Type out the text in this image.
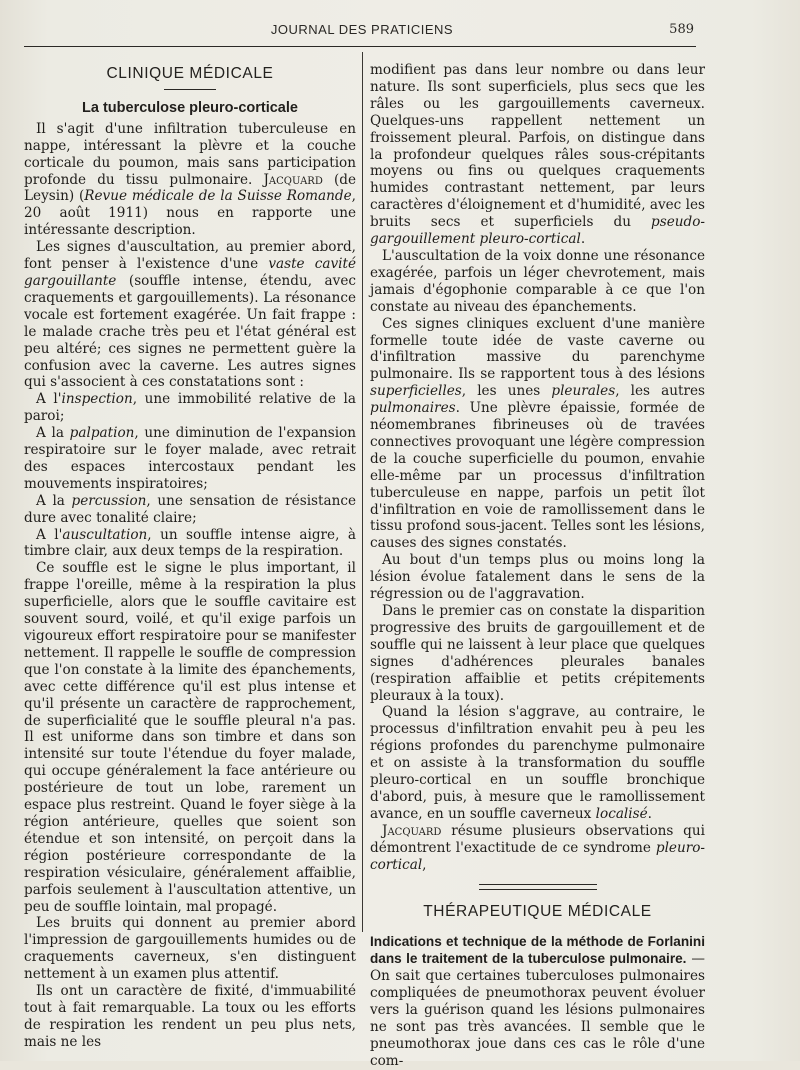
JOURNAL DES PRATICIENS	589
CLINIQUE MÉDICALE
La tuberculose pleuro-corticale

Il s'agit d'une infiltration tuberculeuse en nappe, intéressant la plèvre et la couche corticale du poumon, mais sans participation profonde du tissu pulmonaire. Jacquard (de Leysin) (Revue médicale de la Suisse Romande, 20 août 1911) nous en rapporte une intéressante description.

Les signes d'auscultation, au premier abord, font penser à l'existence d'une vaste cavité gargouillante (souffle intense, étendu, avec craquements et gargouillements). La résonance vocale est fortement exagérée. Un fait frappe : le malade crache très peu et l'état général est peu altéré; ces signes ne permettent guère la confusion avec la caverne. Les autres signes qui s'associent à ces constatations sont :

A l'inspection, une immobilité relative de la paroi;

A la palpation, une diminution de l'expansion respiratoire sur le foyer malade, avec retrait des espaces intercostaux pendant les mouvements inspiratoires;

A la percussion, une sensation de résistance dure avec tonalité claire;

A l'auscultation, un souffle intense aigre, à timbre clair, aux deux temps de la respiration.

Ce souffle est le signe le plus important, il frappe l'oreille, même à la respiration la plus superficielle, alors que le souffle cavitaire est souvent sourd, voilé, et qu'il exige parfois un vigoureux effort respiratoire pour se manifester nettement. Il rappelle le souffle de compression que l'on constate à la limite des épanchements, avec cette différence qu'il est plus intense et qu'il présente un caractère de rapprochement, de superficialité que le souffle pleural n'a pas. Il est uniforme dans son timbre et dans son intensité sur toute l'étendue du foyer malade, qui occupe généralement la face antérieure ou postérieure de tout un lobe, rarement un espace plus restreint. Quand le foyer siège à la région antérieure, quelles que soient son étendue et son intensité, on perçoit dans la région postérieure correspondante de la respiration vésiculaire, généralement affaiblie, parfois seulement à l'auscultation attentive, un peu de souffle lointain, mal propagé.

Les bruits qui donnent au premier abord l'impression de gargouillements humides ou de craquements caverneux, s'en distinguent nettement à un examen plus attentif.

Ils ont un caractère de fixité, d'immuabilité tout à fait remarquable. La toux ou les efforts de respiration les rendent un peu plus nets, mais ne les

modifient pas dans leur nombre ou dans leur nature. Ils sont superficiels, plus secs que les râles ou les gargouillements caverneux. Quelques-uns rappellent nettement un froissement pleural. Parfois, on distingue dans la profondeur quelques râles sous-crépitants moyens ou fins ou quelques craquements humides contrastant nettement, par leurs caractères d'éloignement et d'humidité, avec les bruits secs et superficiels du pseudo-gargouillement pleuro-cortical.

L'auscultation de la voix donne une résonance exagérée, parfois un léger chevrotement, mais jamais d'égophonie comparable à ce que l'on constate au niveau des épanchements.

Ces signes cliniques excluent d'une manière formelle toute idée de vaste caverne ou d'infiltration massive du parenchyme pulmonaire. Ils se rapportent tous à des lésions superficielles, les unes pleurales, les autres pulmonaires. Une plèvre épaissie, formée de néomembranes fibrineuses où de travées connectives provoquant une légère compression de la couche superficielle du poumon, envahie elle-même par un processus d'infiltration tuberculeuse en nappe, parfois un petit îlot d'infiltration en voie de ramollissement dans le tissu profond sous-jacent. Telles sont les lésions, causes des signes constatés.

Au bout d'un temps plus ou moins long la lésion évolue fatalement dans le sens de la régression ou de l'aggravation.

Dans le premier cas on constate la disparition progressive des bruits de gargouillement et de souffle qui ne laissent à leur place que quelques signes d'adhérences pleurales banales (respiration affaiblie et petits crépitements pleuraux à la toux).

Quand la lésion s'aggrave, au contraire, le processus d'infiltration envahit peu à peu les régions profondes du parenchyme pulmonaire et on assiste à la transformation du souffle pleuro-cortical en un souffle bronchique d'abord, puis, à mesure que le ramollissement avance, en un souffle caverneux localisé.

Jacquard résume plusieurs observations qui démontrent l'exactitude de ce syndrome pleuro-cortical,

THÉRAPEUTIQUE MÉDICALE

Indications et technique de la méthode de Forlanini dans le traitement de la tuberculose pulmonaire. — On sait que certaines tuberculoses pulmonaires compliquées de pneumothorax peuvent évoluer vers la guérison quand les lésions pulmonaires ne sont pas très avancées. Il semble que le pneumothorax joue dans ces cas le rôle d'une com-
